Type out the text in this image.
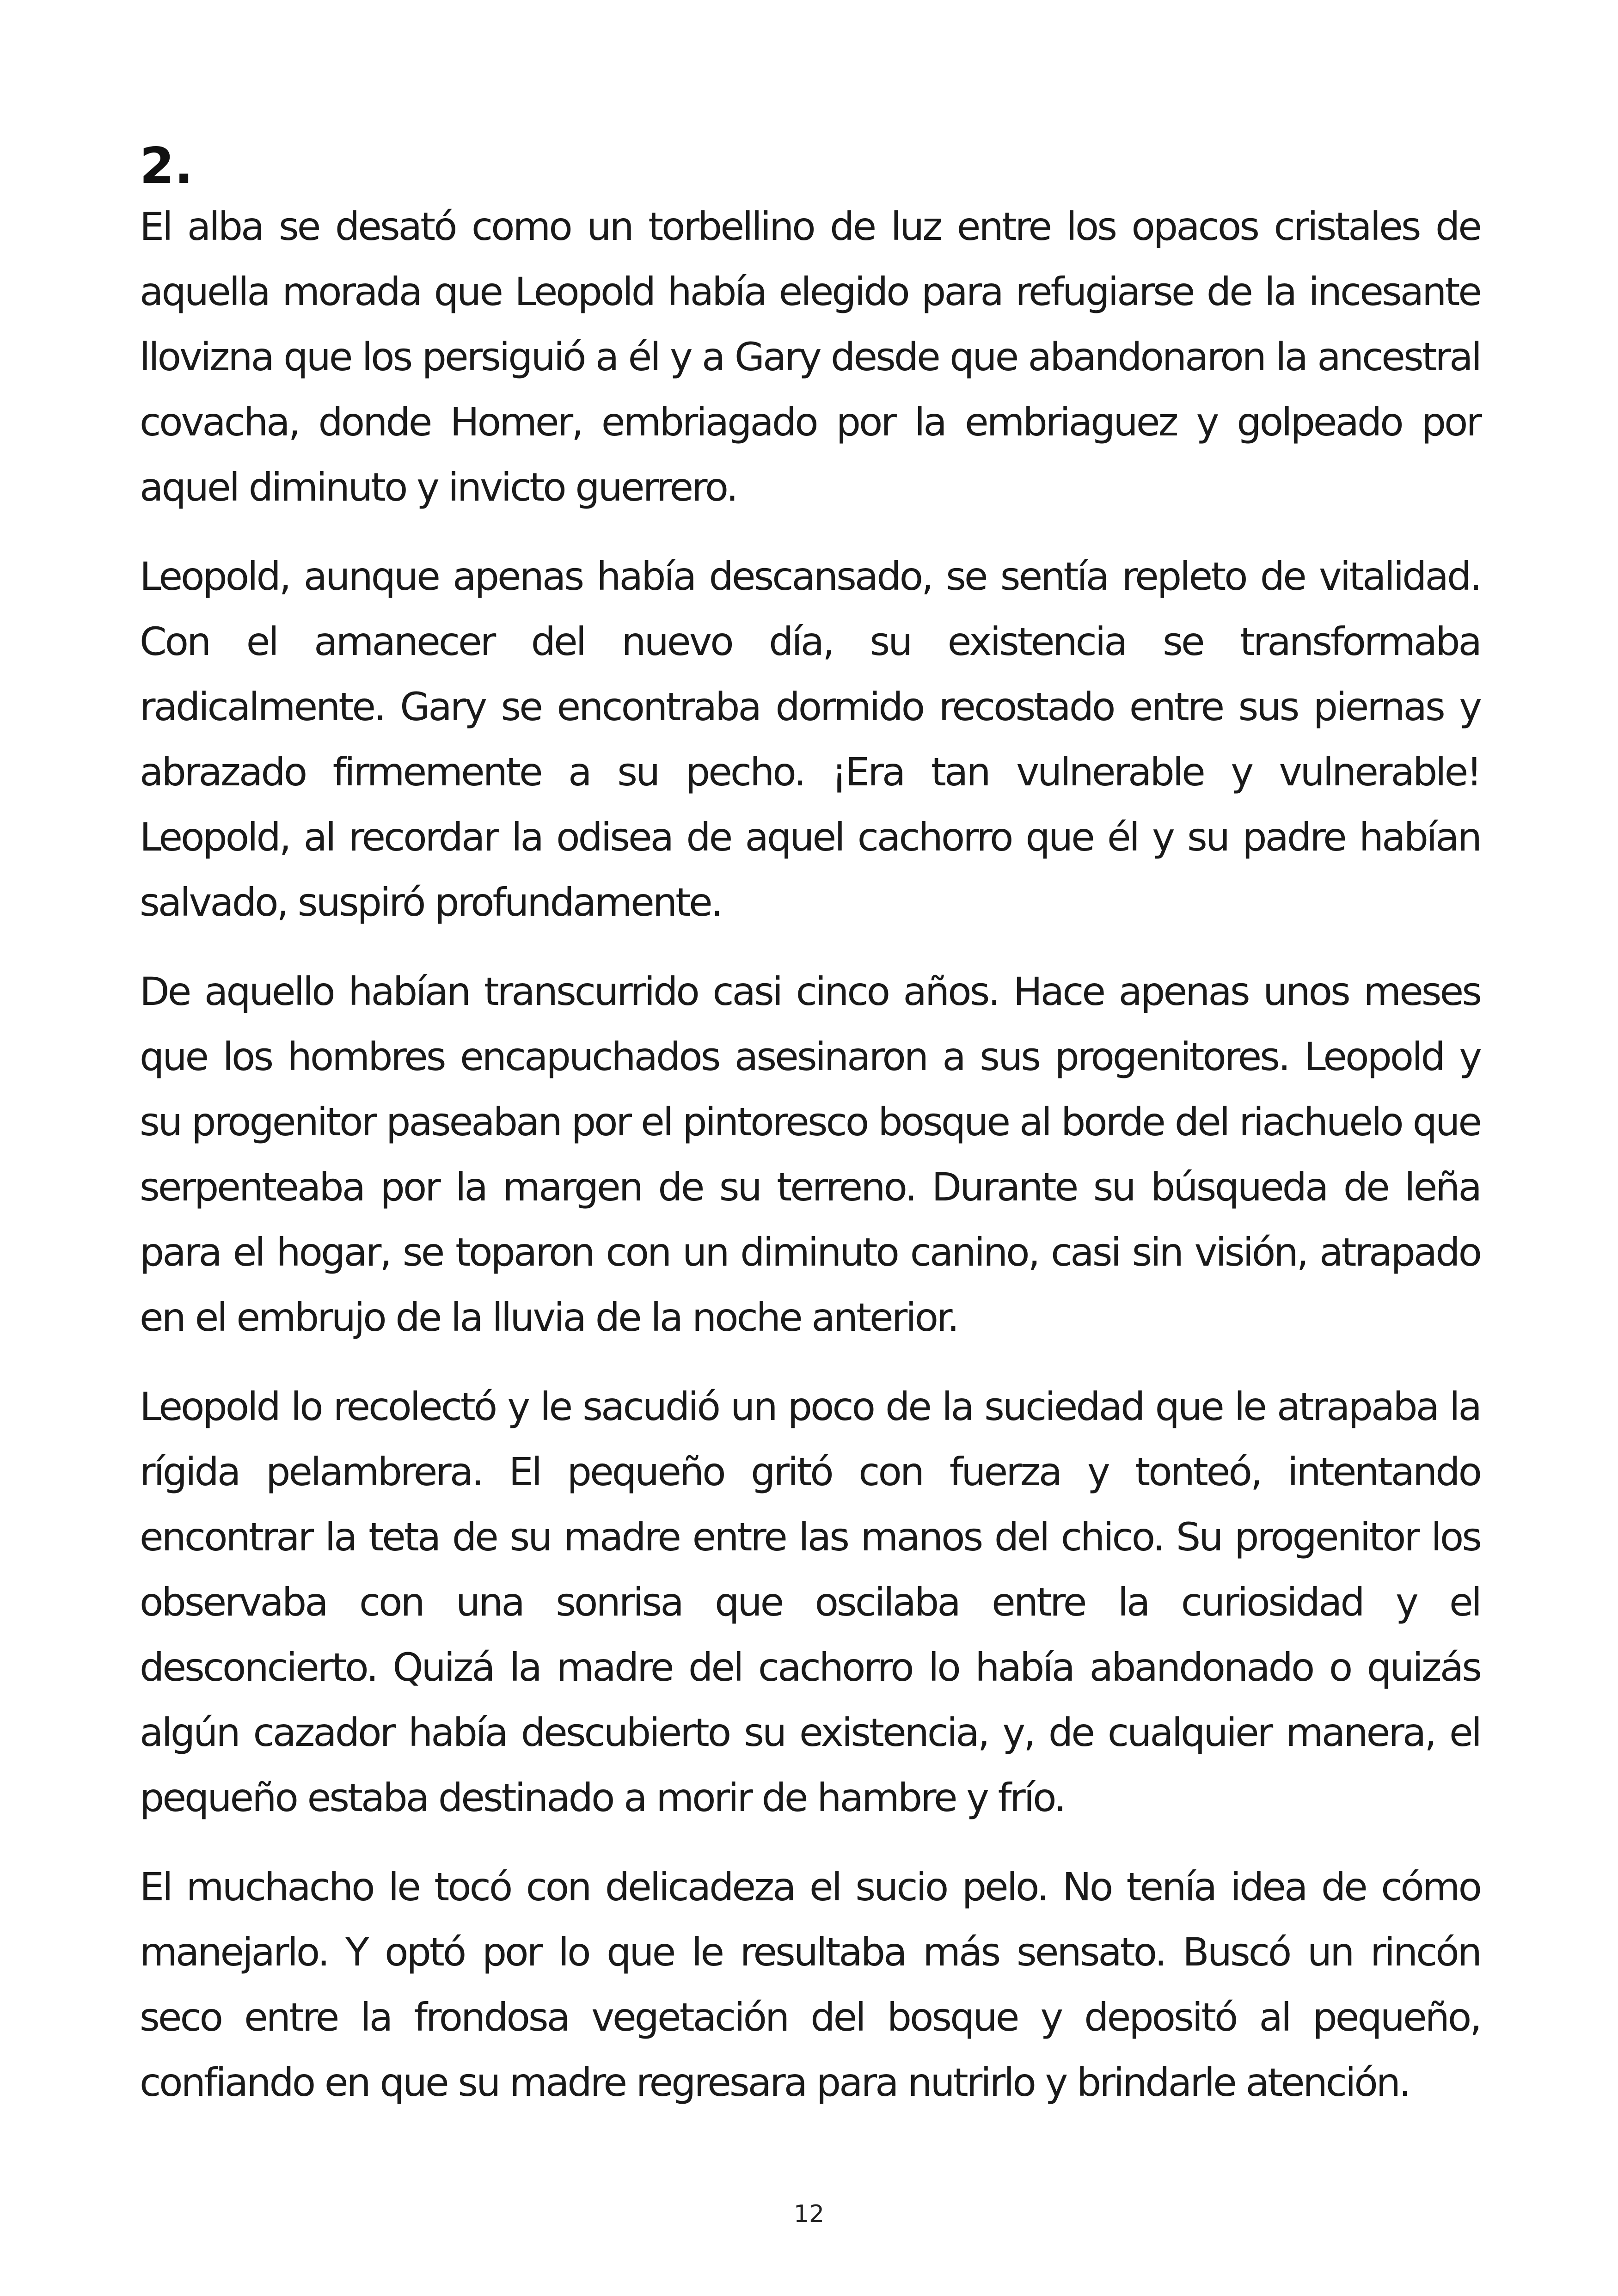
2.

El alba se desató como un torbellino de luz entre los opacos cristales de aquella morada que Leopold había elegido para refugiarse de la incesante llovizna que los persiguió a él y a Gary desde que abandonaron la ancestral covacha, donde Homer, embriagado por la embriaguez y golpeado por aquel diminuto y invicto guerrero.

Leopold, aunque apenas había descansado, se sentía repleto de vitalidad. Con el amanecer del nuevo día, su existencia se transformaba radicalmente. Gary se encontraba dormido recostado entre sus piernas y abrazado firmemente a su pecho. ¡Era tan vulnerable y vulnerable! Leopold, al recordar la odisea de aquel cachorro que él y su padre habían salvado, suspiró profundamente.

De aquello habían transcurrido casi cinco años. Hace apenas unos meses que los hombres encapuchados asesinaron a sus progenitores. Leopold y su progenitor paseaban por el pintoresco bosque al borde del riachuelo que serpenteaba por la margen de su terreno. Durante su búsqueda de leña para el hogar, se toparon con un diminuto canino, casi sin visión, atrapado en el embrujo de la lluvia de la noche anterior.

Leopold lo recolectó y le sacudió un poco de la suciedad que le atrapaba la rígida pelambrera. El pequeño gritó con fuerza y tonteó, intentando encontrar la teta de su madre entre las manos del chico. Su progenitor los observaba con una sonrisa que oscilaba entre la curiosidad y el desconcierto. Quizá la madre del cachorro lo había abandonado o quizás algún cazador había descubierto su existencia, y, de cualquier manera, el pequeño estaba destinado a morir de hambre y frío.

El muchacho le tocó con delicadeza el sucio pelo. No tenía idea de cómo manejarlo. Y optó por lo que le resultaba más sensato. Buscó un rincón seco entre la frondosa vegetación del bosque y depositó al pequeño, confiando en que su madre regresara para nutrirlo y brindarle atención.

12
